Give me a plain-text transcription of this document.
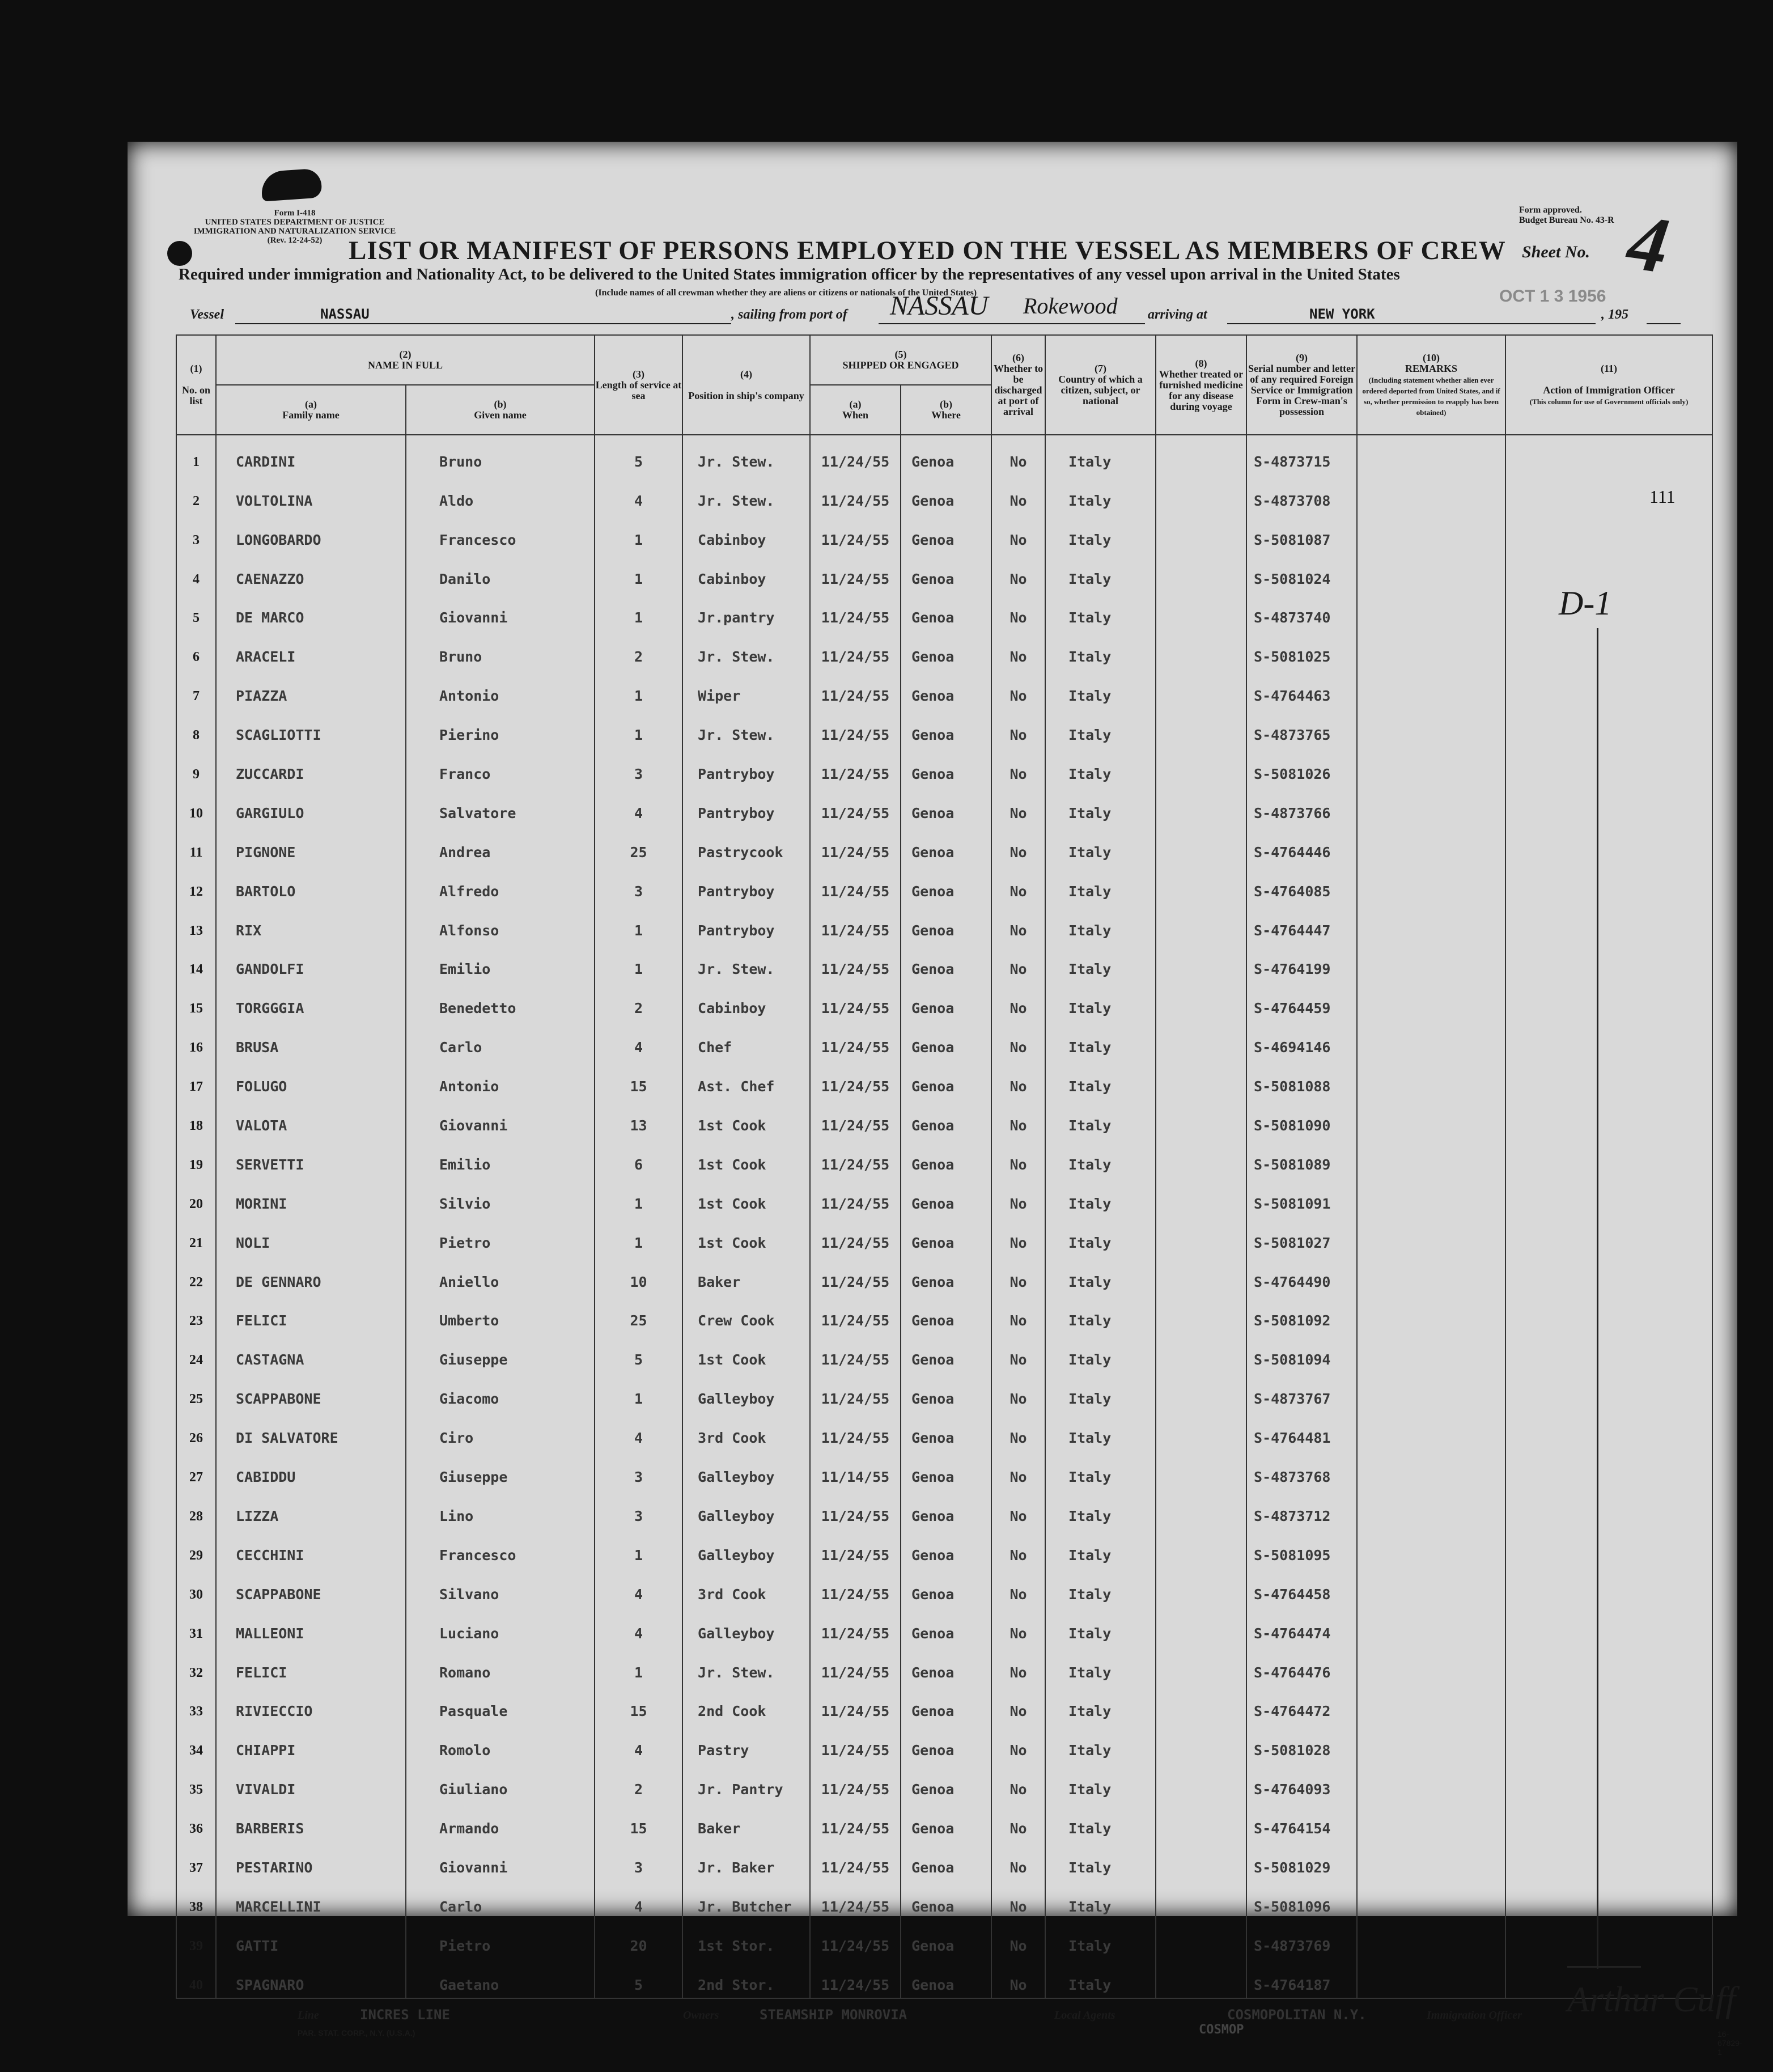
Form I-418
UNITED STATES DEPARTMENT OF JUSTICE
IMMIGRATION AND NATURALIZATION SERVICE
(Rev. 12-24-52)
Form approved.
Budget Bureau No. 43-R
LIST OR MANIFEST OF PERSONS EMPLOYED ON THE VESSEL AS MEMBERS OF CREW Sheet No. 4
Required under immigration and Nationality Act, to be delivered to the United States immigration officer by the representatives of any vessel upon arrival in the United States
(Include names of all crewman whether they are aliens or citizens or nationals of the United States)	OCT 1 3 1956
Vessel	NASSAU	, sailing from port of NASSAU Rokewood arriving at	NEW YORK	, 195
(1)

No. on list	(2)
NAME IN FULL		(3)
Length of service at sea	(4)

Position in ship's company	(5)
SHIPPED OR ENGAGED		(6)
Whether to be discharged at port of arrival	(7)
Country of which a citizen, subject, or national	(8)
Whether treated or furnished medicine for any disease during voyage	(9)
Serial number and letter of any required Foreign Service or Immigration Form in Crew-man's possession	(10)
REMARKS
(Including statement whether alien ever ordered deported from United States, and if so, whether permission to reapply has been obtained)	(11)

Action of Immigration Officer
(This column for use of Government officials only)
	(a)
Family name	(b)
Given name			(a)
When	(b)
Where						
1	CARDINI	Bruno	5	Jr. Stew.	11/24/55	Genoa	No	Italy		S-4873715		
2	VOLTOLINA	Aldo	4	Jr. Stew.	11/24/55	Genoa	No	Italy		S-4873708		
3	LONGOBARDO	Francesco	1	Cabinboy	11/24/55	Genoa	No	Italy		S-5081087		
4	CAENAZZO	Danilo	1	Cabinboy	11/24/55	Genoa	No	Italy		S-5081024		
5	DE MARCO	Giovanni	1	Jr.pantry	11/24/55	Genoa	No	Italy		S-4873740		
6	ARACELI	Bruno	2	Jr. Stew.	11/24/55	Genoa	No	Italy		S-5081025		
7	PIAZZA	Antonio	1	Wiper	11/24/55	Genoa	No	Italy		S-4764463		
8	SCAGLIOTTI	Pierino	1	Jr. Stew.	11/24/55	Genoa	No	Italy		S-4873765		
9	ZUCCARDI	Franco	3	Pantryboy	11/24/55	Genoa	No	Italy		S-5081026		
10	GARGIULO	Salvatore	4	Pantryboy	11/24/55	Genoa	No	Italy		S-4873766		
11	PIGNONE	Andrea	25	Pastrycook	11/24/55	Genoa	No	Italy		S-4764446		
12	BARTOLO	Alfredo	3	Pantryboy	11/24/55	Genoa	No	Italy		S-4764085		
13	RIX	Alfonso	1	Pantryboy	11/24/55	Genoa	No	Italy		S-4764447		
14	GANDOLFI	Emilio	1	Jr. Stew.	11/24/55	Genoa	No	Italy		S-4764199		
15	TORGGGIA	Benedetto	2	Cabinboy	11/24/55	Genoa	No	Italy		S-4764459		
16	BRUSA	Carlo	4	Chef	11/24/55	Genoa	No	Italy		S-4694146		
17	FOLUGO	Antonio	15	Ast. Chef	11/24/55	Genoa	No	Italy		S-5081088		
18	VALOTA	Giovanni	13	1st Cook	11/24/55	Genoa	No	Italy		S-5081090		
19	SERVETTI	Emilio	6	1st Cook	11/24/55	Genoa	No	Italy		S-5081089		
20	MORINI	Silvio	1	1st Cook	11/24/55	Genoa	No	Italy		S-5081091		
21	NOLI	Pietro	1	1st Cook	11/24/55	Genoa	No	Italy		S-5081027		
22	DE GENNARO	Aniello	10	Baker	11/24/55	Genoa	No	Italy		S-4764490		
23	FELICI	Umberto	25	Crew Cook	11/24/55	Genoa	No	Italy		S-5081092		
24	CASTAGNA	Giuseppe	5	1st Cook	11/24/55	Genoa	No	Italy		S-5081094		
25	SCAPPABONE	Giacomo	1	Galleyboy	11/24/55	Genoa	No	Italy		S-4873767		
26	DI SALVATORE	Ciro	4	3rd Cook	11/24/55	Genoa	No	Italy		S-4764481		
27	CABIDDU	Giuseppe	3	Galleyboy	11/14/55	Genoa	No	Italy		S-4873768		
28	LIZZA	Lino	3	Galleyboy	11/24/55	Genoa	No	Italy		S-4873712		
29	CECCHINI	Francesco	1	Galleyboy	11/24/55	Genoa	No	Italy		S-5081095		
30	SCAPPABONE	Silvano	4	3rd Cook	11/24/55	Genoa	No	Italy		S-4764458		
31	MALLEONI	Luciano	4	Galleyboy	11/24/55	Genoa	No	Italy		S-4764474		
32	FELICI	Romano	1	Jr. Stew.	11/24/55	Genoa	No	Italy		S-4764476		
33	RIVIECCIO	Pasquale	15	2nd Cook	11/24/55	Genoa	No	Italy		S-4764472		
34	CHIAPPI	Romolo	4	Pastry	11/24/55	Genoa	No	Italy		S-5081028		
35	VIVALDI	Giuliano	2	Jr. Pantry	11/24/55	Genoa	No	Italy		S-4764093		
36	BARBERIS	Armando	15	Baker	11/24/55	Genoa	No	Italy		S-4764154		
37	PESTARINO	Giovanni	3	Jr. Baker	11/24/55	Genoa	No	Italy		S-5081029		
38	MARCELLINI	Carlo	4	Jr. Butcher	11/24/55	Genoa	No	Italy		S-5081096		
39	GATTI	Pietro	20	1st Stor.	11/24/55	Genoa	No	Italy		S-4873769		
40	SPAGNARO	Gaetano	5	2nd Stor.	11/24/55	Genoa	No	Italy		S-4764187		
D-1
Line	INCRES LINE	Owners	STEAMSHIP MONROVIA	Local Agents	COSMOPOLITAN N.Y.	Immigration Officer
COSMOP
Arthur Cuff
PAR. STAT. CORP., N.Y. (U.S.A.)	16-67829-1
111
